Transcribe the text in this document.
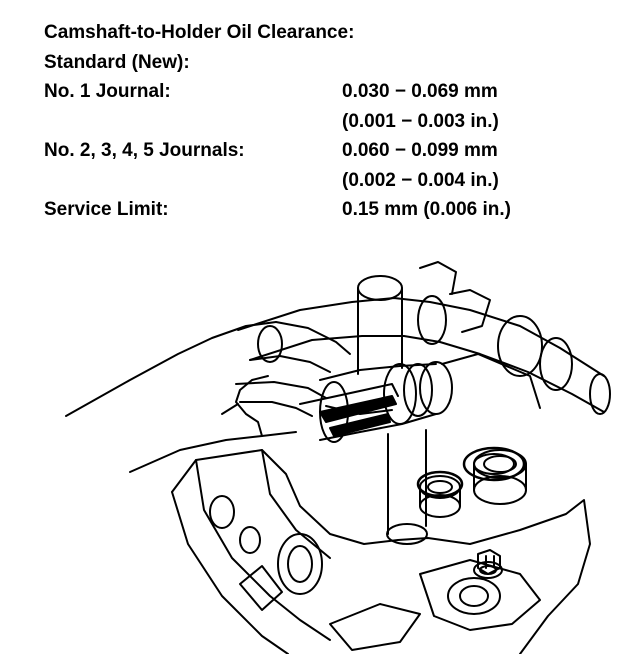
Camshaft-to-Holder Oil Clearance:
Standard (New):
No. 1 Journal:	0.030 − 0.069 mm
(0.001 − 0.003 in.)
No. 2, 3, 4, 5 Journals:	0.060 − 0.099 mm
(0.002 − 0.004 in.)
Service Limit:	0.15 mm (0.006 in.)
